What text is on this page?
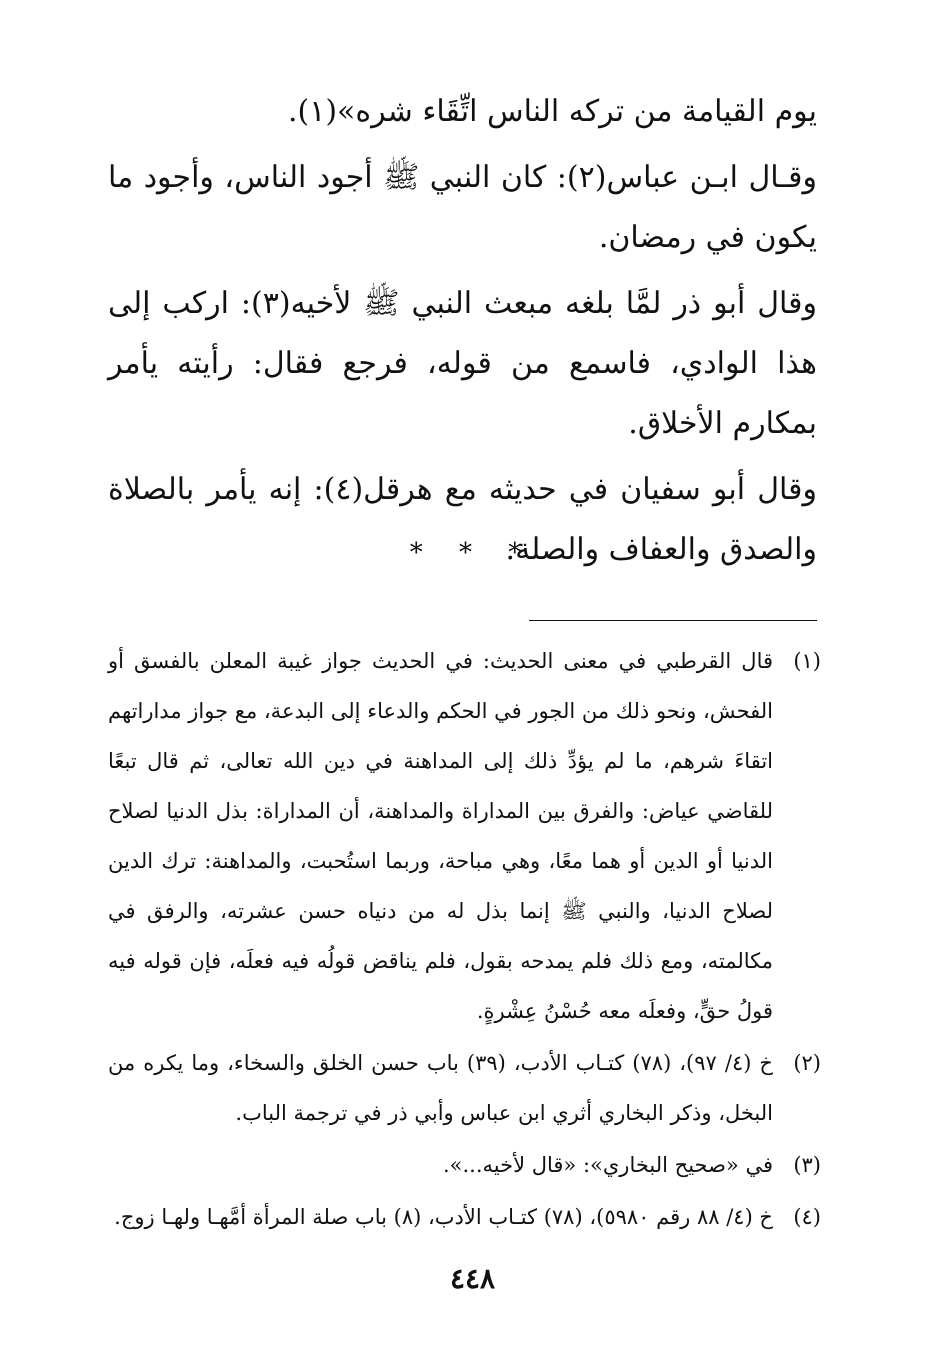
يوم القيامة من تركه الناس اتِّقَاء شره»(١).

وقـال ابـن عباس(٢): كان النبي ﷺ أجود الناس، وأجود ما يكون في رمضان.

وقال أبو ذر لمَّا بلغه مبعث النبي ﷺ لأخيه(٣): اركب إلى هذا الوادي، فاسمع من قوله، فرجع فقال: رأيته يأمر بمكارم الأخلاق.

وقال أبو سفيان في حديثه مع هرقل(٤): إنه يأمر بالصلاة والصدق والعفاف والصلة.

* * *

(١)
قال القرطبي في معنى الحديث: في الحديث جواز غيبة المعلن بالفسق أو الفحش، ونحو ذلك من الجور في الحكم والدعاء إلى البدعة، مع جواز مداراتهم اتقاءَ شرهم، ما لم يؤدِّ ذلك إلى المداهنة في دين الله تعالى، ثم قال تبعًا للقاضي عياض: والفرق بين المداراة والمداهنة، أن المداراة: بذل الدنيا لصلاح الدنيا أو الدين أو هما معًا، وهي مباحة، وربما استُحبت، والمداهنة: ترك الدين لصلاح الدنيا، والنبي ﷺ إنما بذل له من دنياه حسن عشرته، والرفق في مكالمته، ومع ذلك فلم يمدحه بقول، فلم يناقض قولُه فيه فعلَه، فإن قوله فيه قولُ حقٍّ، وفعلَه معه حُسْنُ عِشْرةٍ.

(٢)
خ (٤/ ٩٧)، (٧٨) كتـاب الأدب، (٣٩) باب حسن الخلق والسخاء، وما يكره من البخل، وذكر البخاري أثري ابن عباس وأبي ذر في ترجمة الباب.

(٣)
في «صحيح البخاري»: «قال لأخيه...».

(٤)
خ (٤/ ٨٨ رقم ٥٩٨٠)، (٧٨) كتـاب الأدب، (٨) باب صلة المرأة أمَّهـا ولهـا زوج.

٤٤٨
